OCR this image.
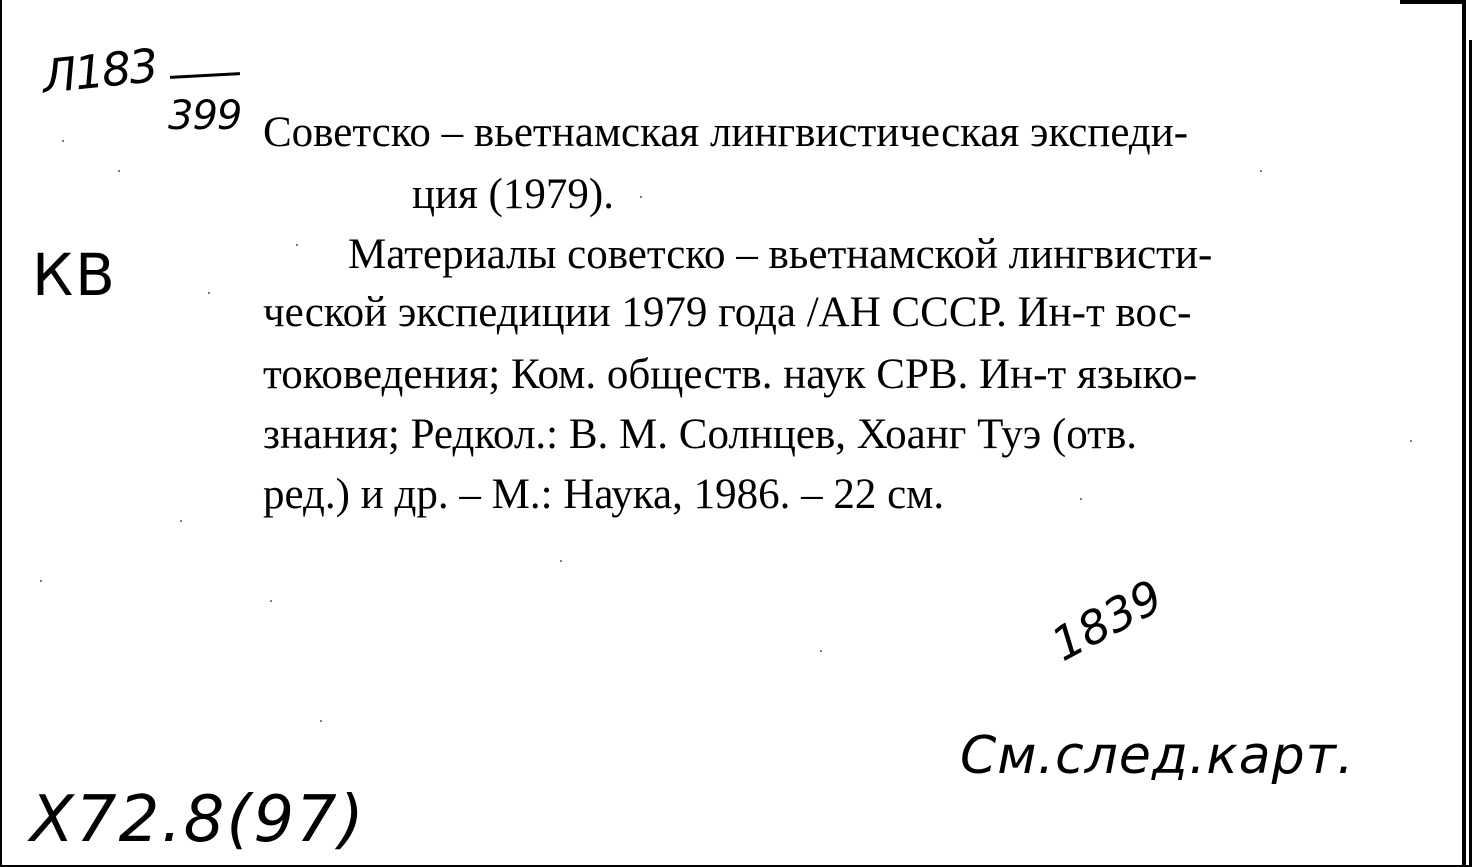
Л183
399
КВ
Советско – вьетнамская лингвистическая экспеди-
ция (1979).
Материалы советско – вьетнамской лингвисти-
ческой экспедиции 1979 года /АН СССР. Ин-т вос-
токоведения; Ком. обществ. наук СРВ. Ин-т языко-
знания; Редкол.: В. М. Солнцев, Хоанг Туэ (отв.
ред.) и др. – М.: Наука, 1986. – 22 см.
1839
См.след.карт.
Х72.8(97)
